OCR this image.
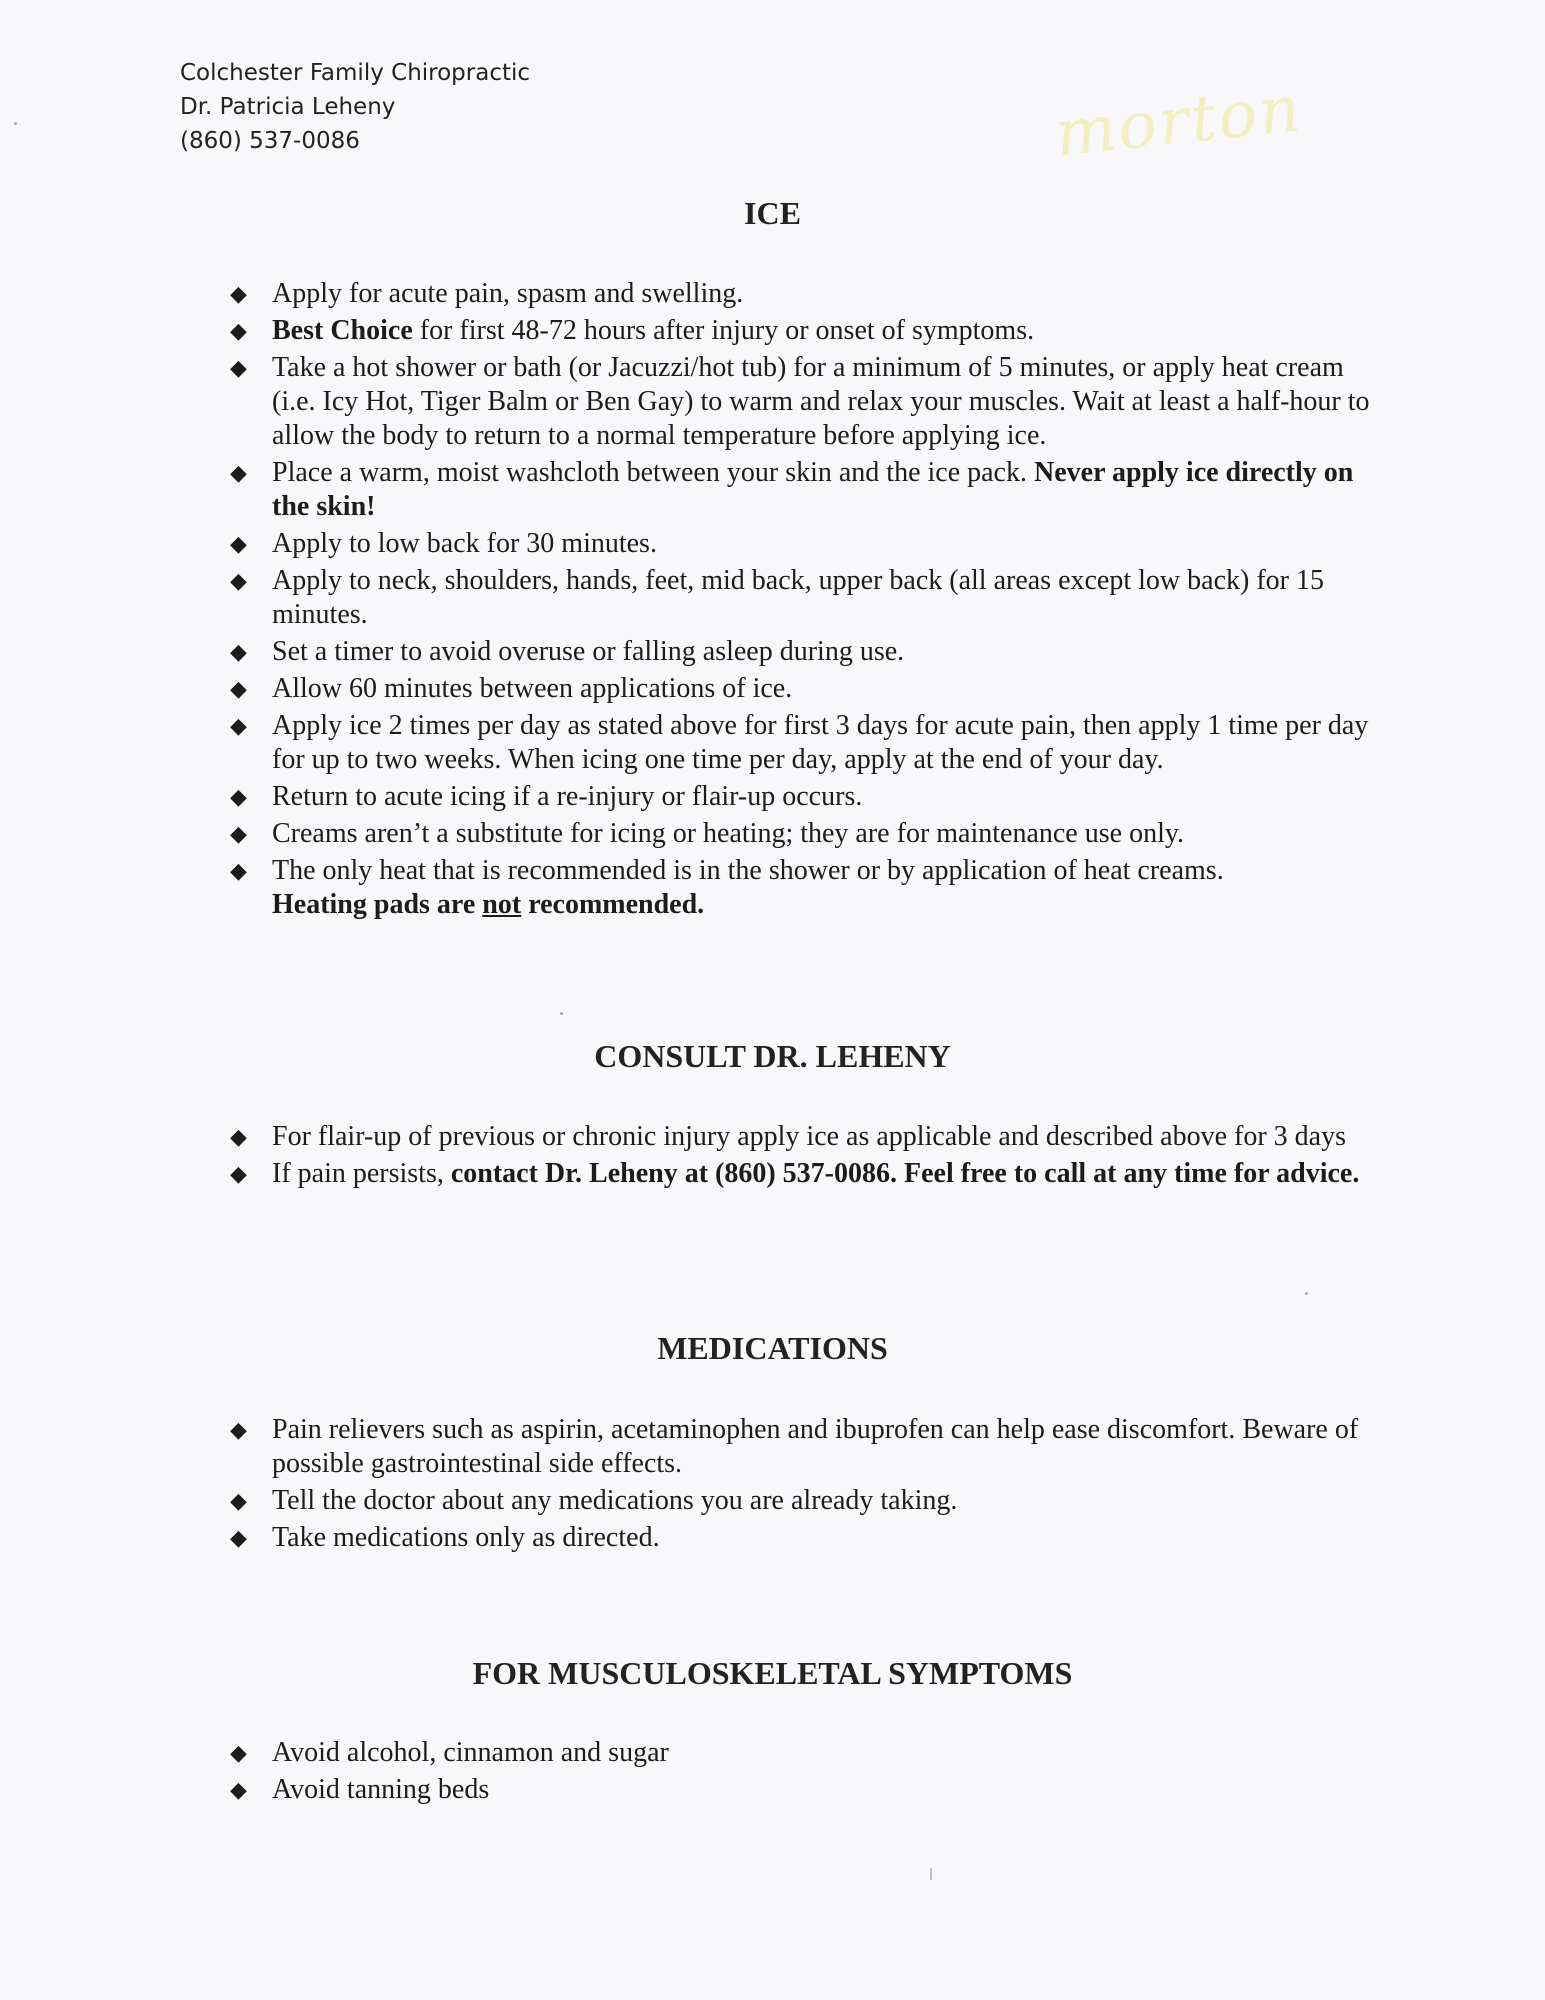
Colchester Family Chiropractic
Dr. Patricia Leheny
(860) 537-0086	morton
ICE
◆ Apply for acute pain, spasm and swelling.
◆ Best Choice for first 48-72 hours after injury or onset of symptoms.
◆ Take a hot shower or bath (or Jacuzzi/hot tub) for a minimum of 5 minutes, or apply heat cream (i.e. Icy Hot, Tiger Balm or Ben Gay) to warm and relax your muscles. Wait at least a half-hour to allow the body to return to a normal temperature before applying ice.
◆ Place a warm, moist washcloth between your skin and the ice pack. Never apply ice directly on the skin!
◆ Apply to low back for 30 minutes.
◆ Apply to neck, shoulders, hands, feet, mid back, upper back (all areas except low back) for 15 minutes.
◆ Set a timer to avoid overuse or falling asleep during use.
◆ Allow 60 minutes between applications of ice.
◆ Apply ice 2 times per day as stated above for first 3 days for acute pain, then apply 1 time per day for up to two weeks. When icing one time per day, apply at the end of your day.
◆ Return to acute icing if a re-injury or flair-up occurs.
◆ Creams aren’t a substitute for icing or heating; they are for maintenance use only.
◆ The only heat that is recommended is in the shower or by application of heat creams.
Heating pads are not recommended.
CONSULT DR. LEHENY
◆ For flair-up of previous or chronic injury apply ice as applicable and described above for 3 days
◆ If pain persists, contact Dr. Leheny at (860) 537-0086. Feel free to call at any time for advice.
MEDICATIONS
◆ Pain relievers such as aspirin, acetaminophen and ibuprofen can help ease discomfort. Beware of possible gastrointestinal side effects.
◆ Tell the doctor about any medications you are already taking.
◆ Take medications only as directed.
FOR MUSCULOSKELETAL SYMPTOMS
◆ Avoid alcohol, cinnamon and sugar
◆ Avoid tanning beds
